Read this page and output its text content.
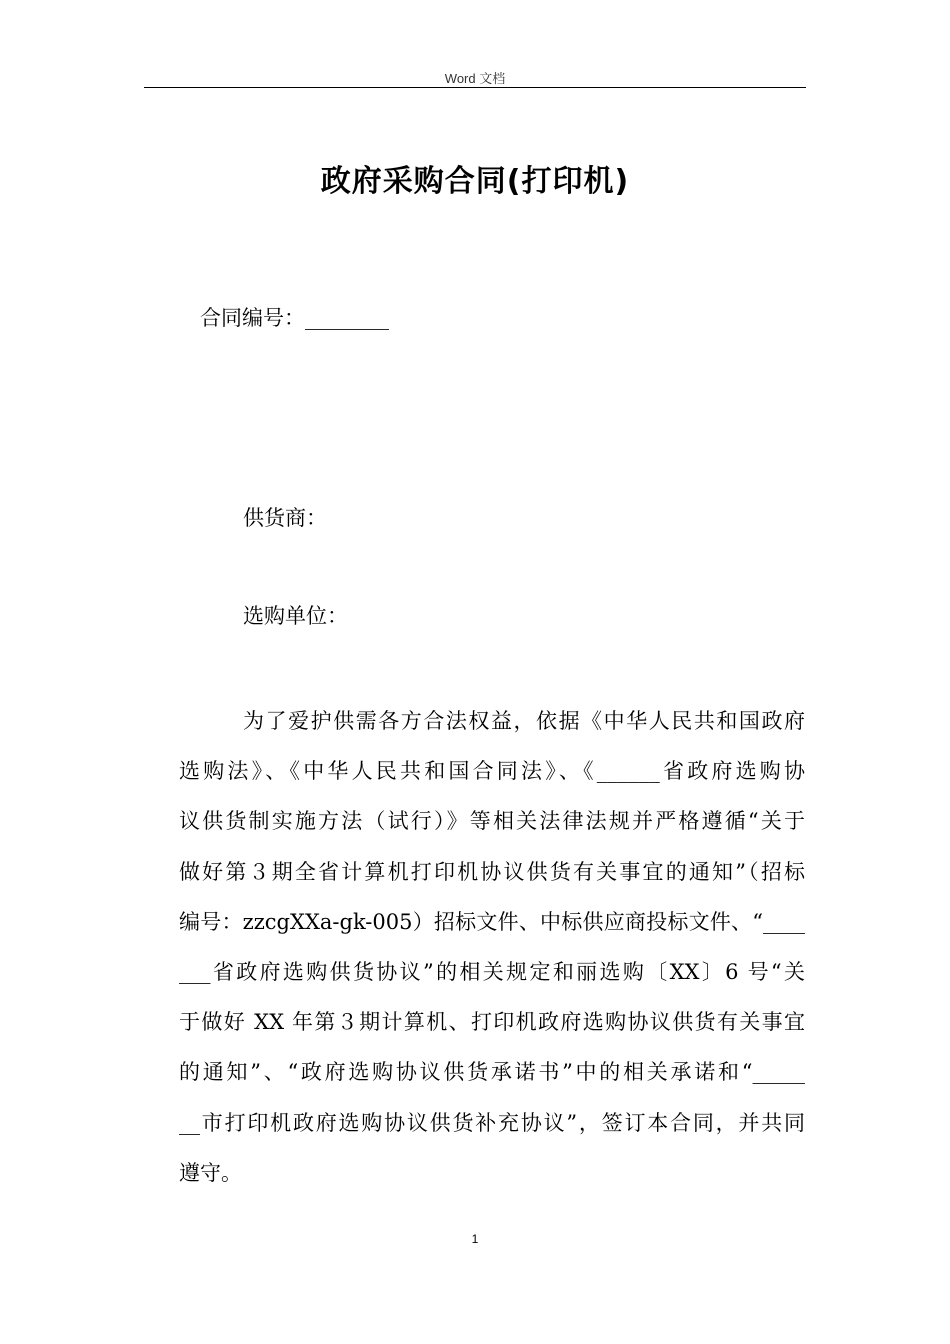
Word 文档
政府采购合同(打印机)
合同编号：________
供货商：
选购单位：
为了爱护供需各方合法权益，依据《中华人民共和国政府
选购法》、《中华人民共和国合同法》、《______省政府选购协
议供货制实施方法（试行）》等相关法律法规并严格遵循“关于
做好第３期全省计算机打印机协议供货有关事宜的通知”（招标
编号：zzcgXXa-gk-005）招标文件、中标供应商投标文件、“____
___省政府选购供货协议”的相关规定和丽选购〔XX〕6 号“关
于做好 XX 年第３期计算机、打印机政府选购协议供货有关事宜
的通知”、“政府选购协议供货承诺书”中的相关承诺和“_____
__市打印机政府选购协议供货补充协议”，签订本合同，并共同
遵守。
1
